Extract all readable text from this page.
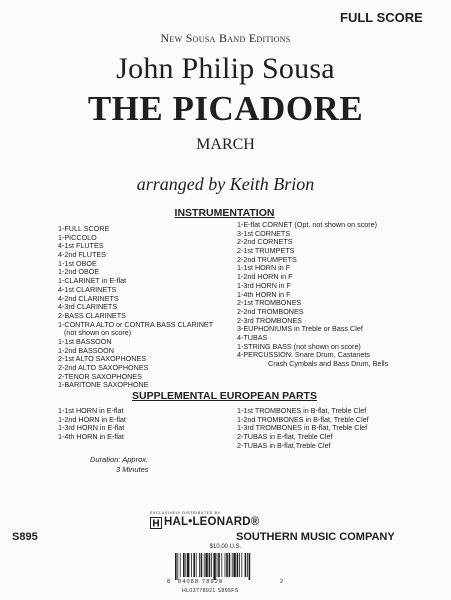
FULL SCORE
New Sousa Band Editions
John Philip Sousa
THE PICADORE
MARCH
arranged by Keith Brion
INSTRUMENTATION
1-FULL SCORE
1-PICCOLO
4-1st FLUTES
4-2nd FLUTES
1-1st OBOE
1-2nd OBOE
1-CLARINET in E-flat
4-1st CLARINETS
4-2nd CLARINETS
4-3rd CLARINETS
2-BASS CLARINETS
1-CONTRA ALTO or CONTRA BASS CLARINET
(not shown on score)
1-1st BASSOON
1-2nd BASSOON
2-1st ALTO SAXOPHONES
2-2nd ALTO SAXOPHONES
2-TENOR SAXOPHONES
1-BARITONE SAXOPHONE
1-E-flat CORNET (Opt. not shown on score)
3-1st CORNETS
2-2nd CORNETS
2-1st TRUMPETS
2-2nd TRUMPETS
1-1st HORN in F
1-2nd HORN in F
1-3rd HORN in F
1-4th HORN in F
2-1st TROMBONES
2-2nd TROMBONES
2-3rd TROMBONES
3-EUPHONIUMS in Treble or Bass Clef
4-TUBAS
1-STRING BASS (not shown on score)
4-PERCUSSION: Snare Drum, Castanets
Crash Cymbals and Bass Drum, Bells
SUPPLEMENTAL EUROPEAN PARTS
1-1st HORN in E-flat
1-2nd HORN in E-flat
1-3rd HORN in E-flat
1-4th HORN in E-flat
1-1st TROMBONES in B-flat, Treble Clef
1-2nd TROMBONES in B-flat, Treble Clef
1-3rd TROMBONES in B-flat, Treble Clef
2-TUBAS in E-flat, Treble Clef
2-TUBAS in B-flat,Treble Clef
Duration: Approx.
3 Minutes
EXCLUSIVELY DISTRIBUTED BY
HAL•LEONARD®
S895	SOUTHERN MUSIC COMPANY
$10.00 U.S.
8 84088 78928	2
HL03778921 S895FS
